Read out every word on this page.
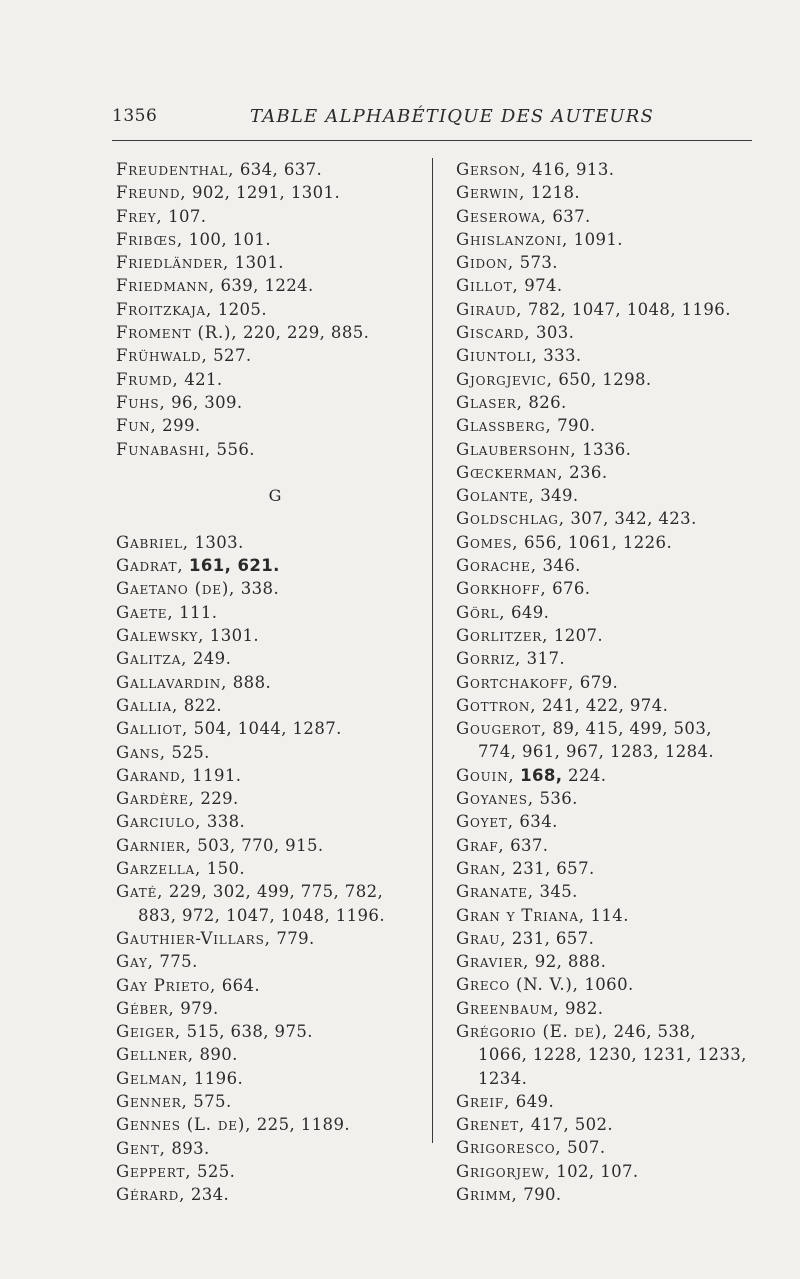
1356	TABLE ALPHABÉTIQUE DES AUTEURS
Freudenthal, 634, 637.
Freund, 902, 1291, 1301.
Frey, 107.
Fribœs, 100, 101.
Friedländer, 1301.
Friedmann, 639, 1224.
Froitzkaja, 1205.
Froment (R.), 220, 229, 885.
Frühwald, 527.
Frumd, 421.
Fuhs, 96, 309.
Fun, 299.
Funabashi, 556.
G
Gabriel, 1303.
Gadrat, 161, 621.
Gaetano (de), 338.
Gaete, 111.
Galewsky, 1301.
Galitza, 249.
Gallavardin, 888.
Gallia, 822.
Galliot, 504, 1044, 1287.
Gans, 525.
Garand, 1191.
Gardère, 229.
Garciulo, 338.
Garnier, 503, 770, 915.
Garzella, 150.
Gaté, 229, 302, 499, 775, 782,
883, 972, 1047, 1048, 1196.
Gauthier-Villars, 779.
Gay, 775.
Gay Prieto, 664.
Géber, 979.
Geiger, 515, 638, 975.
Gellner, 890.
Gelman, 1196.
Genner, 575.
Gennes (L. de), 225, 1189.
Gent, 893.
Geppert, 525.
Gérard, 234.
Gerson, 416, 913.
Gerwin, 1218.
Geserowa, 637.
Ghislanzoni, 1091.
Gidon, 573.
Gillot, 974.
Giraud, 782, 1047, 1048, 1196.
Giscard, 303.
Giuntoli, 333.
Gjorgjevic, 650, 1298.
Glaser, 826.
Glassberg, 790.
Glaubersohn, 1336.
Gœckerman, 236.
Golante, 349.
Goldschlag, 307, 342, 423.
Gomes, 656, 1061, 1226.
Gorache, 346.
Gorkhoff, 676.
Görl, 649.
Gorlitzer, 1207.
Gorriz, 317.
Gortchakoff, 679.
Gottron, 241, 422, 974.
Gougerot, 89, 415, 499, 503,
774, 961, 967, 1283, 1284.
Gouin, 168, 224.
Goyanes, 536.
Goyet, 634.
Graf, 637.
Gran, 231, 657.
Granate, 345.
Gran y Triana, 114.
Grau, 231, 657.
Gravier, 92, 888.
Greco (N. V.), 1060.
Greenbaum, 982.
Grégorio (E. de), 246, 538,
1066, 1228, 1230, 1231, 1233,
1234.
Greif, 649.
Grenet, 417, 502.
Grigoresco, 507.
Grigorjew, 102, 107.
Grimm, 790.
